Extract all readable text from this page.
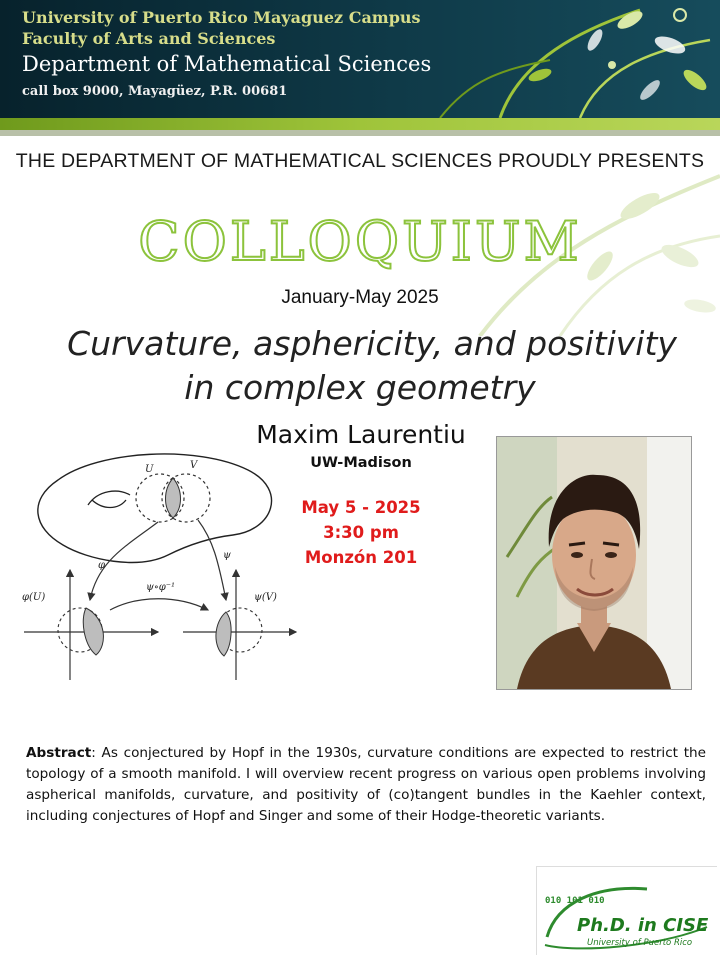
University of Puerto Rico Mayaguez Campus
Faculty of Arts and Sciences
Department of Mathematical Sciences
call box 9000, Mayagüez, P.R. 00681
THE DEPARTMENT OF MATHEMATICAL SCIENCES PROUDLY PRESENTS
COLLOQUIUM
January-May 2025
Curvature, asphericity, and positivity
in complex geometry
Maxim Laurentiu
UW-Madison
May 5 - 2025
3:30 pm
Monzón 201
U	V
φ
ψ
φ(U)	ψ(V)
ψ∘φ⁻¹
Abstract: As conjectured by Hopf in the 1930s, curvature conditions are expected to restrict the topology of a smooth manifold. I will overview recent progress on various open problems involving aspherical manifolds, curvature, and positivity of (co)tangent bundles in the Kaehler context, including conjectures of Hopf and Singer and some of their Hodge-theoretic variants.
010 101 010
Ph.D. in CISE
University of Puerto Rico
